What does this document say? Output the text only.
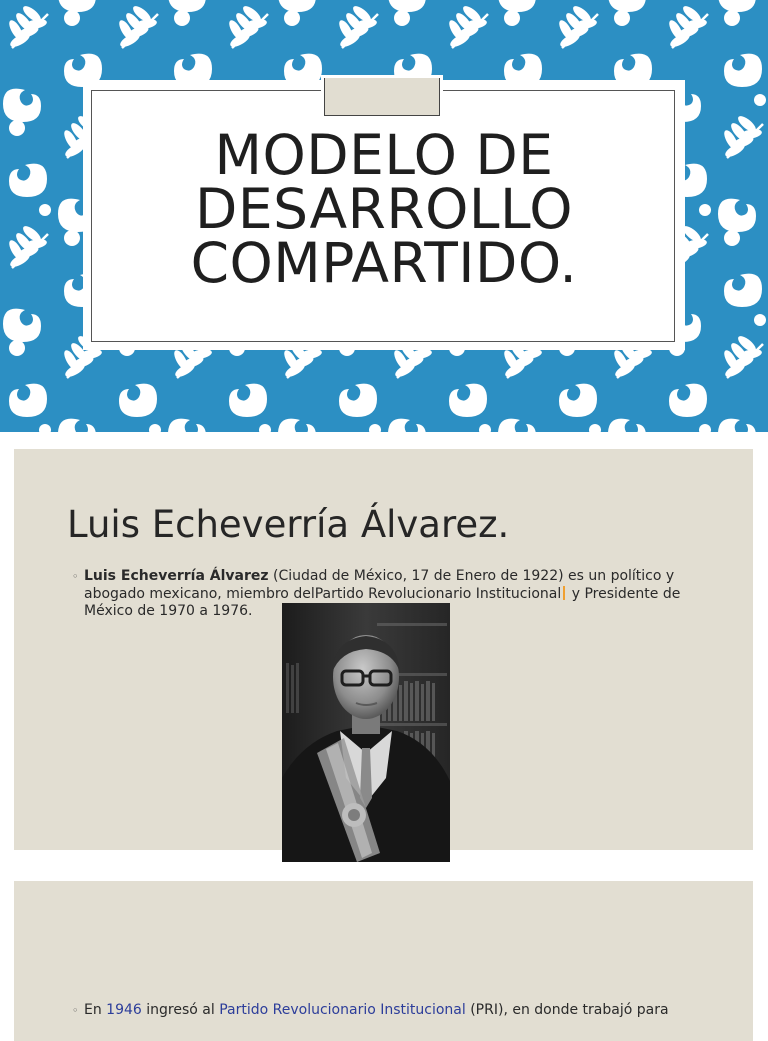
MODELO DE
DESARROLLO
COMPARTIDO.
Luis Echeverría Álvarez.
◦ Luis Echeverría Álvarez (Ciudad de México, 17 de Enero de 1922) es un político y abogado mexicano, miembro delPartido Revolucionario Institucional y Presidente de México de 1970 a 1976.
◦ En 1946 ingresó al Partido Revolucionario Institucional (PRI), en donde trabajó para
